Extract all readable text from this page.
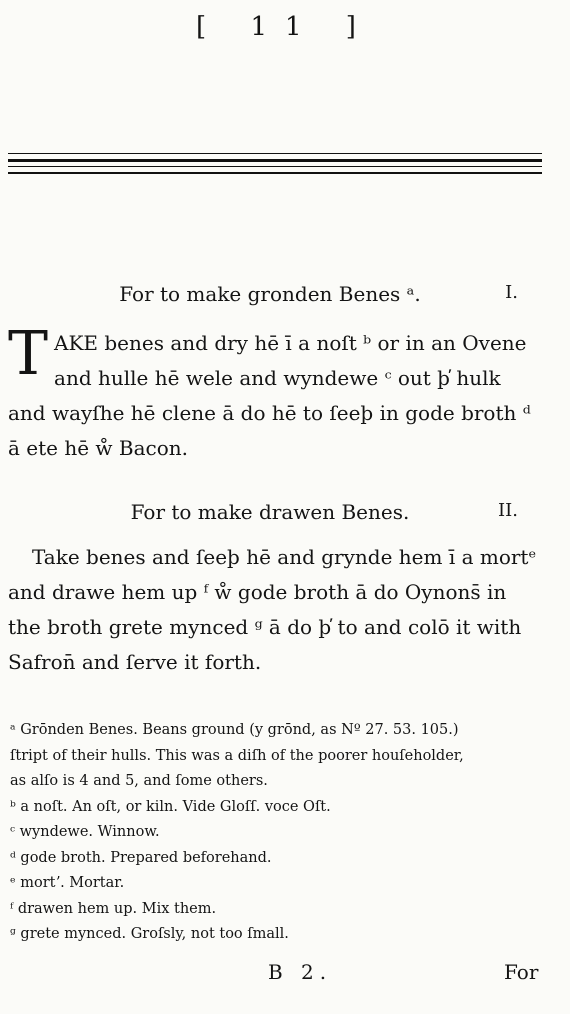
[ 11 ]
For to make gronden Benes ᵃ.	I.
T AKE benes and dry hē ī a noſt ᵇ or in an Ovene
and hulle hē wele and wyndewe ᶜ out þ̕ hulk
and wayſhe hē clene ā do hē to ſeeþ in gode broth ᵈ
ā ete hē ẘ Bacon.
For to make drawen Benes.	II.
Take benes and ſeeþ hē and grynde hem ī a mortᵉ
and drawe hem up ᶠ ẘ gode broth ā do Oynons̄ in
the broth grete mynced ᵍ ā do þ̕ to and colō it with
Safron̄ and ſerve it forth.
ᵃ Grōnden Benes. Beans ground (y grōnd, as Nº 27. 53. 105.)
ſtript of their hulls. This was a diſh of the poorer houſeholder,
as alſo is 4 and 5, and ſome others.
ᵇ a noſt. An oſt, or kiln. Vide Gloſſ. voce Oſt.
ᶜ wyndewe. Winnow.
ᵈ gode broth. Prepared beforehand.
ᵉ mortʼ. Mortar.
ᶠ drawen hem up. Mix them.
ᵍ grete mynced. Groſsly, not too ſmall.
B 2.	For
